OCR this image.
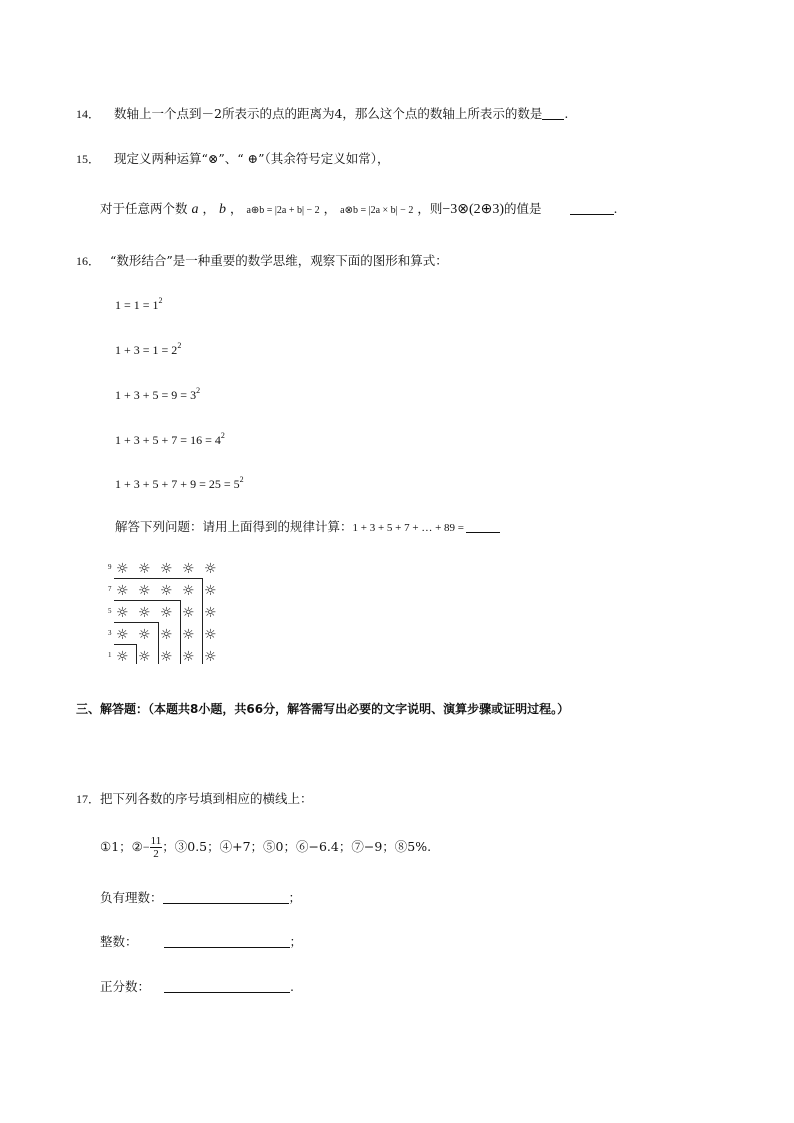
14． 数轴上一个点到－2所表示的点的距离为4，那么这个点的数轴上所表示的数是 .
15． 现定义两种运算“⊗”、“ ⊕”（其余符号定义如常），
对于任意两个数 a ， b ， a⊕b = |2a + b| − 2 ， a⊗b = |2a × b| − 2 ，则−3⊗(2⊕3)的值是	.
16． “数形结合”是一种重要的数学思维，观察下面的图形和算式：
$1 = 1 = 1^2$
$1 + 3 = 1 = 2^2$
$1 + 3 + 5 = 9 = 3^2$
$1 + 3 + 5 + 7 = 16 = 4^2$
$1 + 3 + 5 + 7 + 9 = 25 = 5^2$
解答下列问题：请用上面得到的规律计算：1 + 3 + 5 + 7 + … + 89 =
9
7
5
3
1
☼ ☼ ☼ ☼ ☼
☼ ☼ ☼ ☼ ☼
☼ ☼ ☼ ☼ ☼
☼ ☼ ☼ ☼ ☼
☼ ☼ ☼ ☼ ☼
三、解答题：（本题共8小题，共66分，解答需写出必要的文字说明、演算步骤或证明过程。）
17．把下列各数的序号填到相应的横线上：
①1；②− $\frac{11}{2}$ ；③0.5；④+7；⑤0；⑥−6.4；⑦−9；⑧5%.
负有理数：	；
整数：	；
正分数：	.
